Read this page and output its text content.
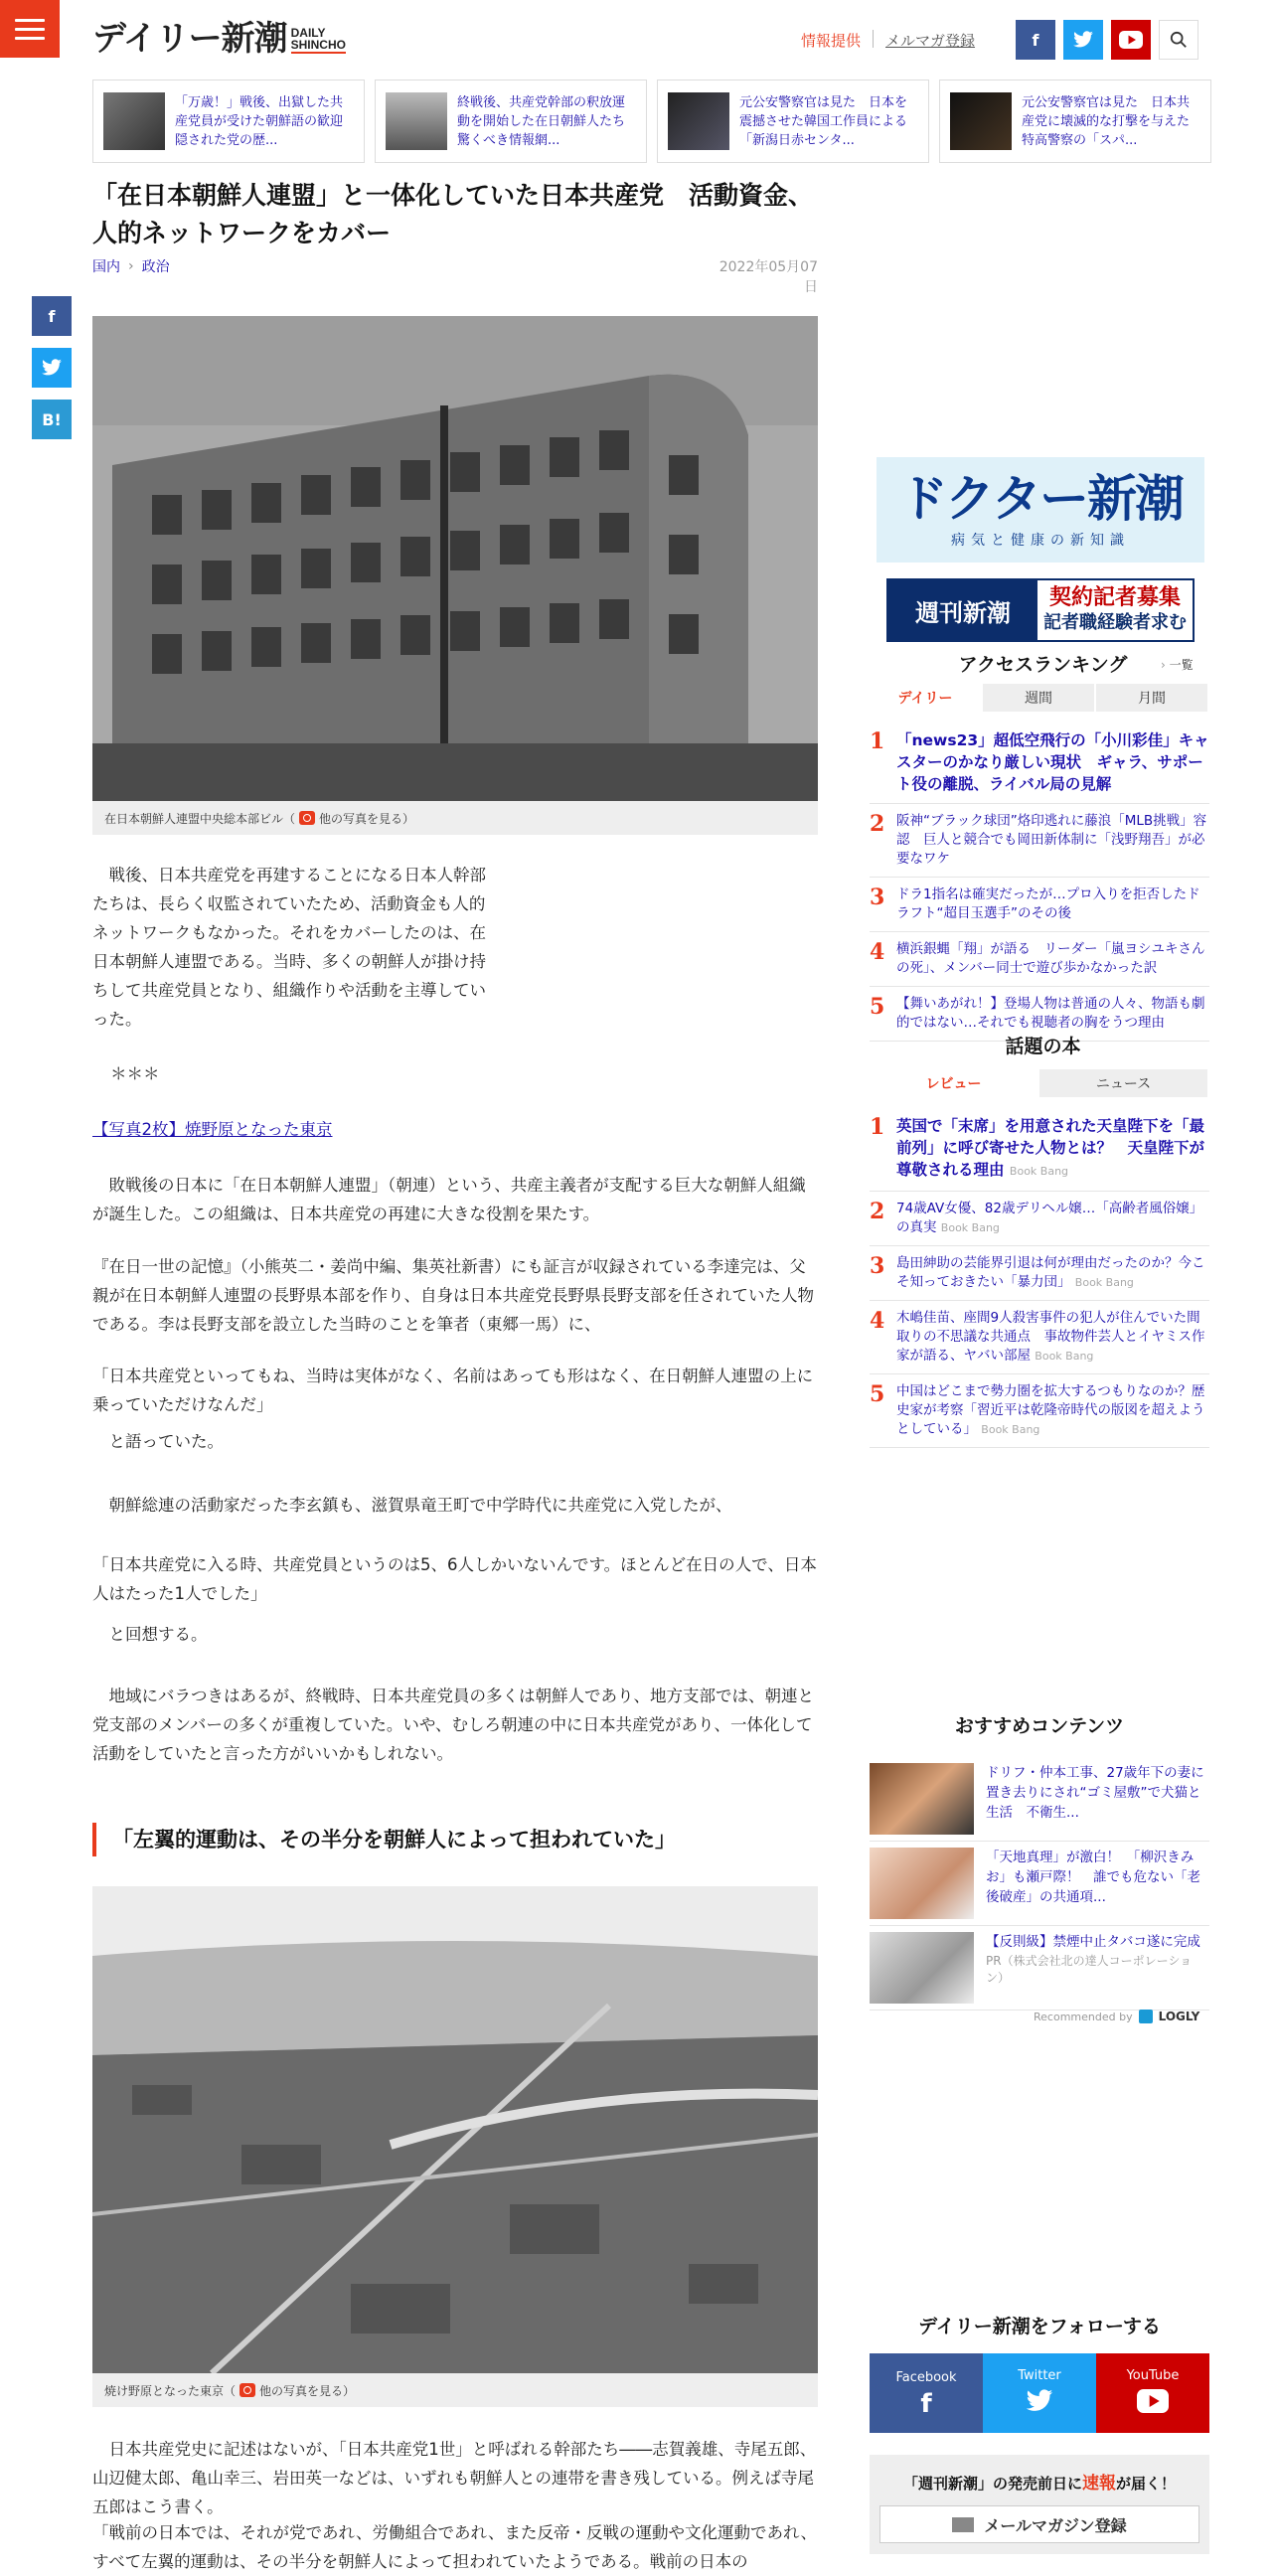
デイリー新潮 DAILY
SHINCHO	情報提供 メルマガ登録	f
「万歳！」戦後、出獄した共産党員が受けた朝鮮語の歓迎　隠された党の歴...
終戦後、共産党幹部の釈放運動を開始した在日朝鮮人たち　驚くべき情報網...
元公安警察官は見た　日本を震撼させた韓国工作員による「新潟日赤センタ...
元公安警察官は見た　日本共産党に壊滅的な打撃を与えた特高警察の「スパ...
「在日本朝鮮人連盟」と一体化していた日本共産党　活動資金、人的ネットワークをカバー
国内 › 政治	2022年05月07日
f
B!
在日本朝鮮人連盟中央総本部ビル（ 他の写真を見る）

　戦後、日本共産党を再建することになる日本人幹部たちは、長らく収監されていたため、活動資金も人的ネットワークもなかった。それをカバーしたのは、在日本朝鮮人連盟である。当時、多くの朝鮮人が掛け持ちして共産党員となり、組織作りや活動を主導していった。

＊＊＊

【写真2枚】焼野原となった東京

　敗戦後の日本に「在日本朝鮮人連盟」（朝連）という、共産主義者が支配する巨大な朝鮮人組織が誕生した。この組織は、日本共産党の再建に大きな役割を果たす。

『在日一世の記憶』（小熊英二・姜尚中編、集英社新書）にも証言が収録されている李達完は、父親が在日本朝鮮人連盟の長野県本部を作り、自身は日本共産党長野県長野支部を任されていた人物である。李は長野支部を設立した当時のことを筆者（東郷一馬）に、

「日本共産党といってもね、当時は実体がなく、名前はあっても形はなく、在日朝鮮人連盟の上に乗っていただけなんだ」

　と語っていた。

　朝鮮総連の活動家だった李玄鎮も、滋賀県竜王町で中学時代に共産党に入党したが、

「日本共産党に入る時、共産党員というのは5、6人しかいないんです。ほとんど在日の人で、日本人はたった1人でした」

　と回想する。

　地域にバラつきはあるが、終戦時、日本共産党員の多くは朝鮮人であり、地方支部では、朝連と党支部のメンバーの多くが重複していた。いや、むしろ朝連の中に日本共産党があり、一体化して活動をしていたと言った方がいいかもしれない。

「左翼的運動は、その半分を朝鮮人によって担われていた」
焼け野原となった東京（ 他の写真を見る）

　日本共産党史に記述はないが、「日本共産党1世」と呼ばれる幹部たち――志賀義雄、寺尾五郎、山辺健太郎、亀山幸三、岩田英一などは、いずれも朝鮮人との連帯を書き残している。例えば寺尾五郎はこう書く。

「戦前の日本では、それが党であれ、労働組合であれ、また反帝・反戦の運動や文化運動であれ、すべて左翼的運動は、その半分を朝鮮人によって担われていたようである。戦前の日本の

ドクター新潮
病気と健康の新知識
週刊新潮	契約記者募集
記者職経験者求む
アクセスランキング	› 一覧
デイリー	週間	月間
1 「news23」超低空飛行の「小川彩佳」キャスターのかなり厳しい現状　ギャラ、サポート役の離脱、ライバル局の見解
2 阪神“ブラック球団”烙印逃れに藤浪「MLB挑戦」容認　巨人と競合でも岡田新体制に「浅野翔吾」が必要なワケ
3 ドラ1指名は確実だったが…プロ入りを拒否したドラフト“超目玉選手”のその後
4 横浜銀蝿「翔」が語る　リーダー「嵐ヨシユキさんの死」、メンバー同士で遊び歩かなかった訳
5 【舞いあがれ！】登場人物は普通の人々、物語も劇的ではない…それでも視聴者の胸をうつ理由
話題の本
レビュー	ニュース
1 英国で「末席」を用意された天皇陛下を「最前列」に呼び寄せた人物とは？　天皇陛下が尊敬される理由 Book Bang
2 74歳AV女優、82歳デリヘル嬢…「高齢者風俗嬢」の真実 Book Bang
3 島田紳助の芸能界引退は何が理由だったのか？今こそ知っておきたい「暴力団」 Book Bang
4 木嶋佳苗、座間9人殺害事件の犯人が住んでいた間取りの不思議な共通点　事故物件芸人とイヤミス作家が語る、ヤバい部屋 Book Bang
5 中国はどこまで勢力圏を拡大するつもりなのか？歴史家が考察「習近平は乾隆帝時代の版図を超えようとしている」 Book Bang
おすすめコンテンツ
ドリフ・仲本工事、27歳年下の妻に置き去りにされ“ゴミ屋敷”で犬猫と生活　不衛生...
「天地真理」が激白！　「柳沢きみお」も瀬戸際！　誰でも危ない「老後破産」の共通項...
【反則級】禁煙中止タバコ遂に完成
PR（株式会社北の達人コーポレーション）
Recommended by LOGLY
デイリー新潮をフォローする
Facebook
f
Twitter	YouTube
「週刊新潮」の発売前日に速報が届く！
メールマガジン登録
